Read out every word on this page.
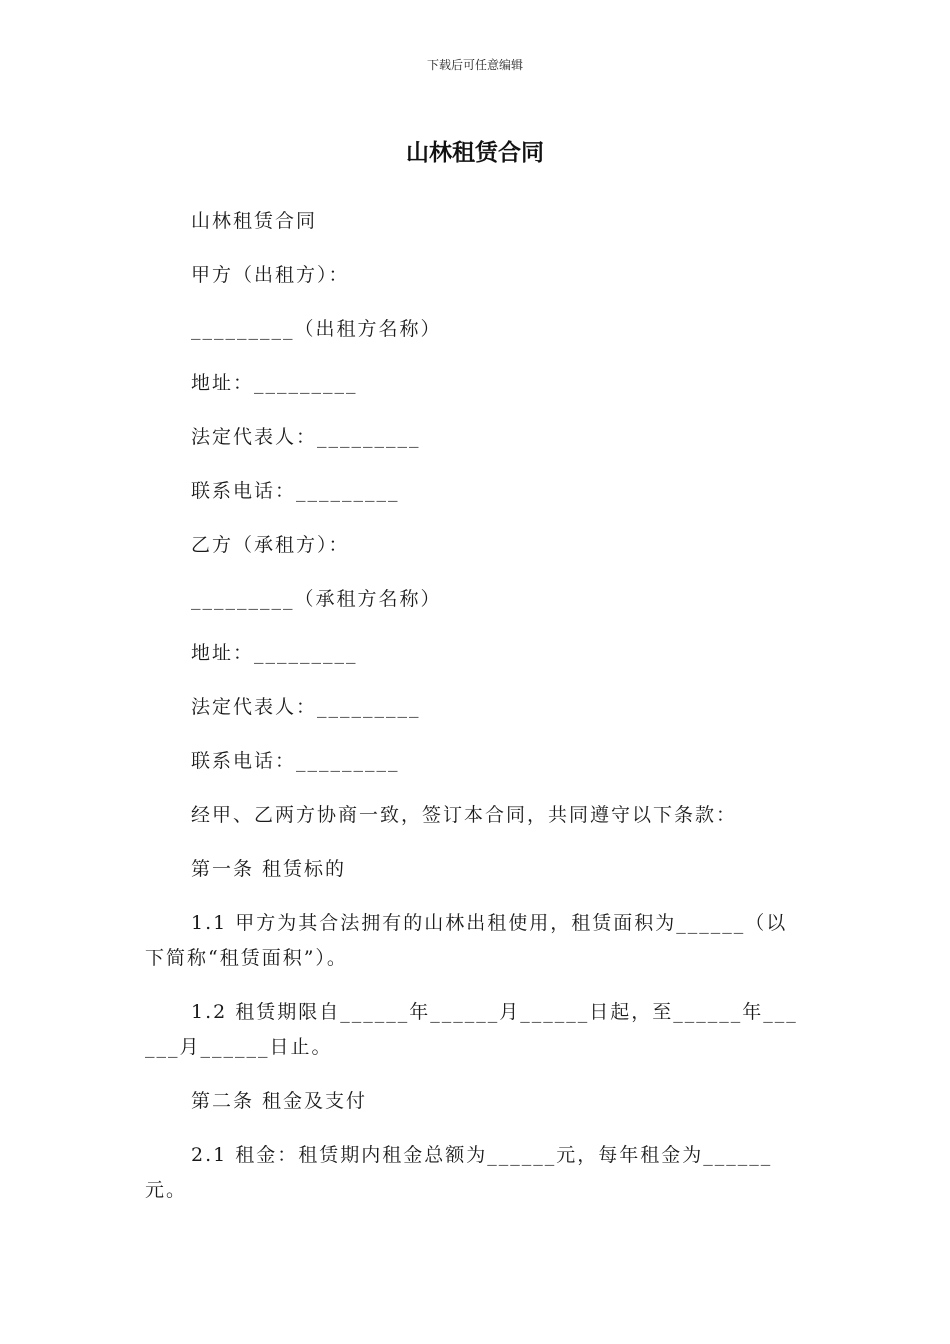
下载后可任意编辑
山林租赁合同

山林租赁合同

甲方（出租方）：

_________（出租方名称）

地址：_________

法定代表人：_________

联系电话：_________

乙方（承租方）：

_________（承租方名称）

地址：_________

法定代表人：_________

联系电话：_________

经甲、乙两方协商一致，签订本合同，共同遵守以下条款：

第一条 租赁标的

1.1 甲方为其合法拥有的山林出租使用，租赁面积为______（以下简称“租赁面积”）。

1.2 租赁期限自______年______月______日起，至______年______月______日止。

第二条 租金及支付

2.1 租金：租赁期内租金总额为______元，每年租金为______元。
